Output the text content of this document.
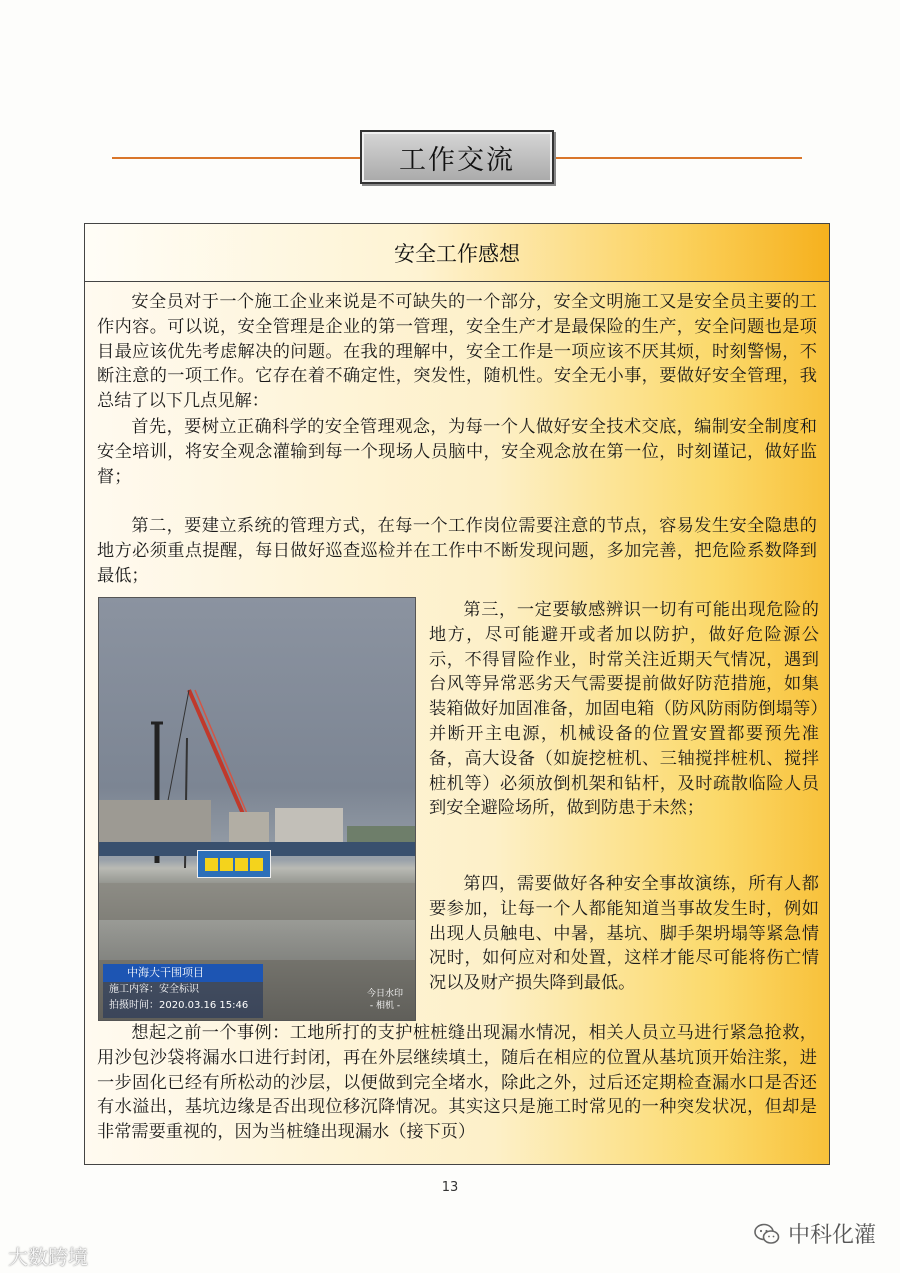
工作交流
安全工作感想

安全员对于一个施工企业来说是不可缺失的一个部分，安全文明施工又是安全员主要的工作内容。可以说，安全管理是企业的第一管理，安全生产才是最保险的生产，安全问题也是项目最应该优先考虑解决的问题。在我的理解中，安全工作是一项应该不厌其烦，时刻警惕，不断注意的一项工作。它存在着不确定性，突发性，随机性。安全无小事，要做好安全管理，我总结了以下几点见解：

首先，要树立正确科学的安全管理观念，为每一个人做好安全技术交底，编制安全制度和安全培训，将安全观念灌输到每一个现场人员脑中，安全观念放在第一位，时刻谨记，做好监督；

第二，要建立系统的管理方式，在每一个工作岗位需要注意的节点，容易发生安全隐患的地方必须重点提醒，每日做好巡查巡检并在工作中不断发现问题，多加完善，把危险系数降到最低；

第三，一定要敏感辨识一切有可能出现危险的地方，尽可能避开或者加以防护，做好危险源公示，不得冒险作业，时常关注近期天气情况，遇到台风等异常恶劣天气需要提前做好防范措施，如集装箱做好加固准备，加固电箱（防风防雨防倒塌等）并断开主电源，机械设备的位置安置都要预先准备，高大设备（如旋挖桩机、三轴搅拌桩机、搅拌桩机等）必须放倒机架和钻杆，及时疏散临险人员到安全避险场所，做到防患于未然；

第四，需要做好各种安全事故演练，所有人都要参加，让每一个人都能知道当事故发生时，例如出现人员触电、中暑，基坑、脚手架坍塌等紧急情况时，如何应对和处置，这样才能尽可能将伤亡情况以及财产损失降到最低。

想起之前一个事例：工地所打的支护桩桩缝出现漏水情况，相关人员立马进行紧急抢救，用沙包沙袋将漏水口进行封闭，再在外层继续填土，随后在相应的位置从基坑顶开始注浆，进一步固化已经有所松动的沙层，以便做到完全堵水，除此之外，过后还定期检查漏水口是否还有水溢出，基坑边缘是否出现位移沉降情况。其实这只是施工时常见的一种突发状况，但却是非常需要重视的，因为当桩缝出现漏水（接下页）

中海大干围项目
施工内容：安全标识
拍摄时间：2020.03.16 15:46
今日水印
- 相机 -
13
大数跨境
中科化灌
